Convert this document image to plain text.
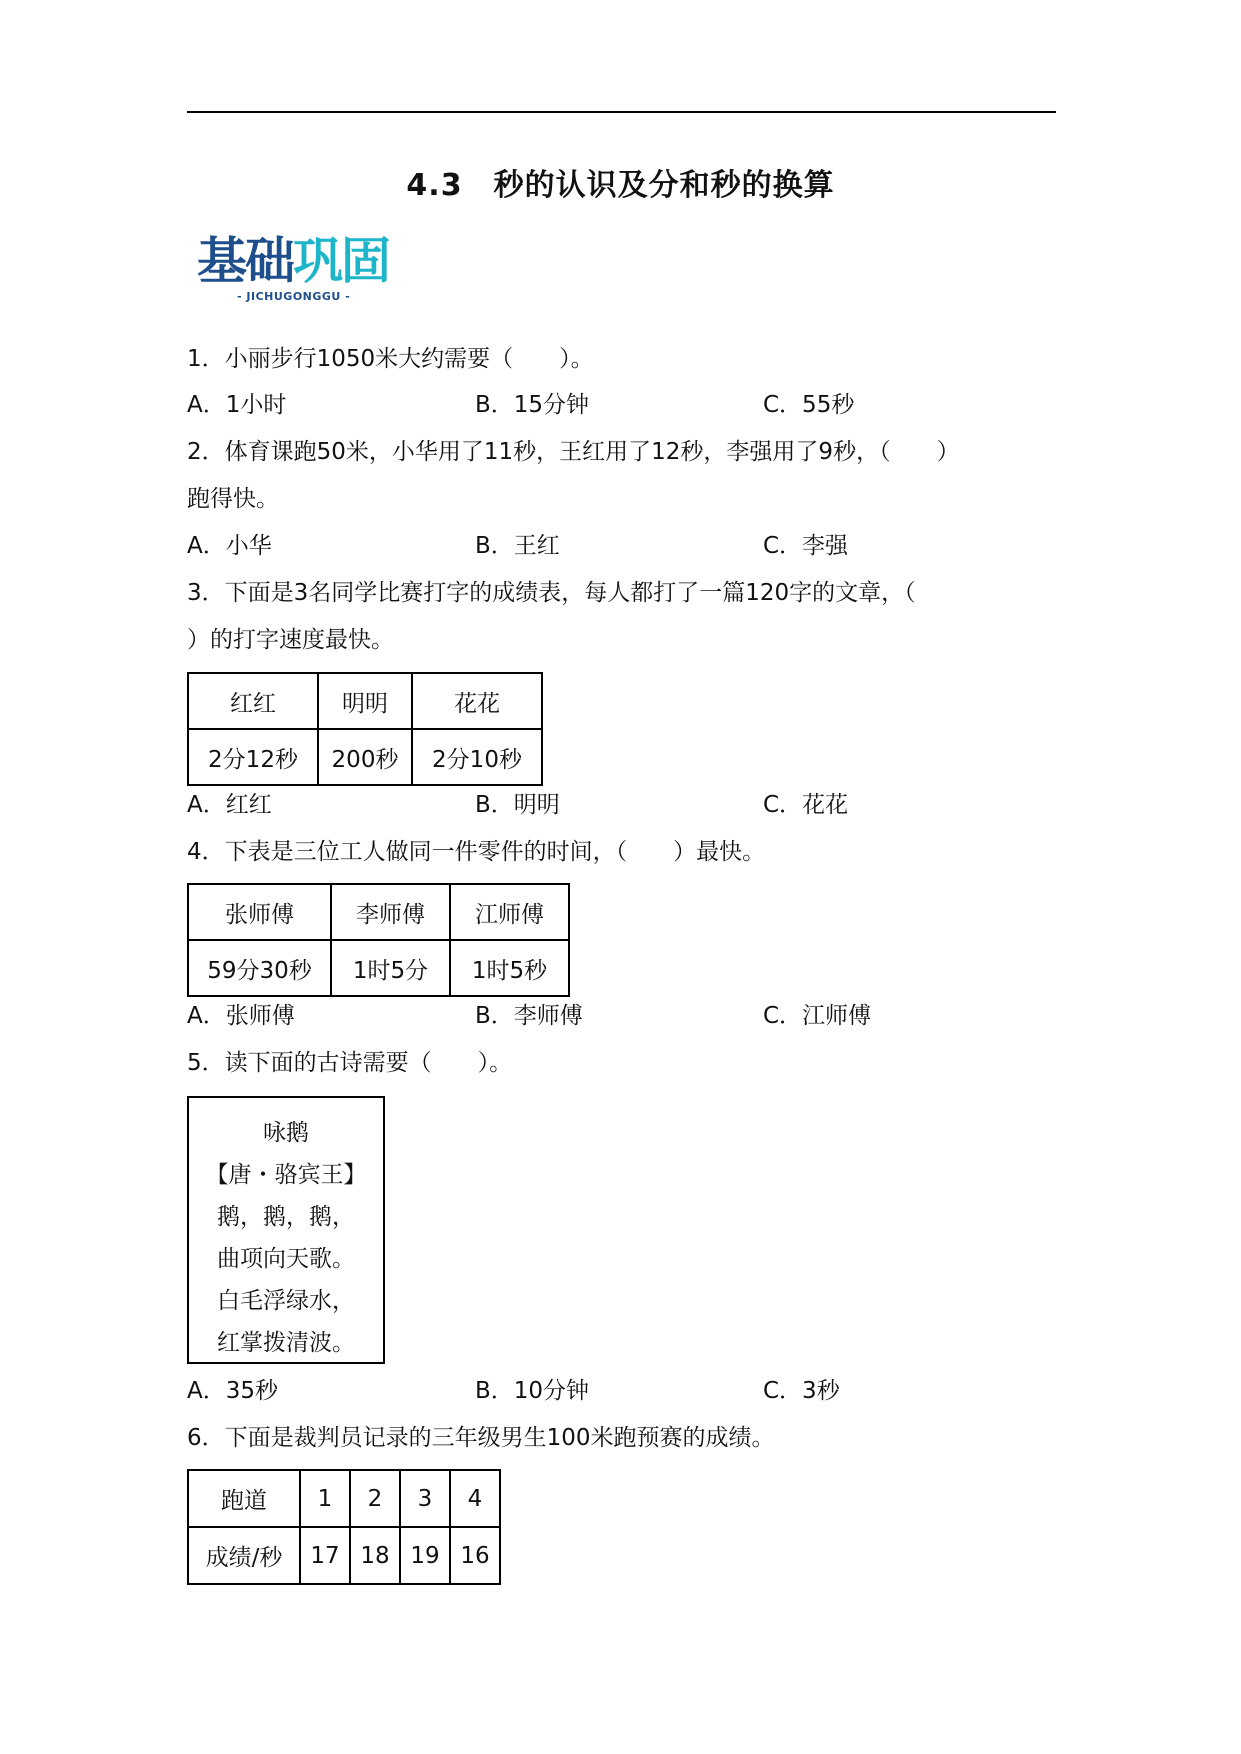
4.3　秒的认识及分和秒的换算
基础巩固
- JICHUGONGGU -
1．小丽步行1050米大约需要（　　）。
A．1小时	B．15分钟	C．55秒
2．体育课跑50米，小华用了11秒，王红用了12秒，李强用了9秒，（　　）
跑得快。
A．小华	B．王红	C．李强
3．下面是3名同学比赛打字的成绩表，每人都打了一篇120字的文章，（
）的打字速度最快。
红红	明明	花花
2分12秒	200秒	2分10秒
A．红红	B．明明	C．花花
4．下表是三位工人做同一件零件的时间，（　　）最快。
张师傅	李师傅	江师傅
59分30秒	1时5分	1时5秒
A．张师傅	B．李师傅	C．江师傅
5．读下面的古诗需要（　　）。
咏鹅
【唐・骆宾王】
鹅，鹅，鹅，
曲项向天歌。
白毛浮绿水，
红掌拨清波。
A．35秒	B．10分钟	C．3秒
6．下面是裁判员记录的三年级男生100米跑预赛的成绩。
跑道	1	2	3	4
成绩/秒	17	18	19	16
